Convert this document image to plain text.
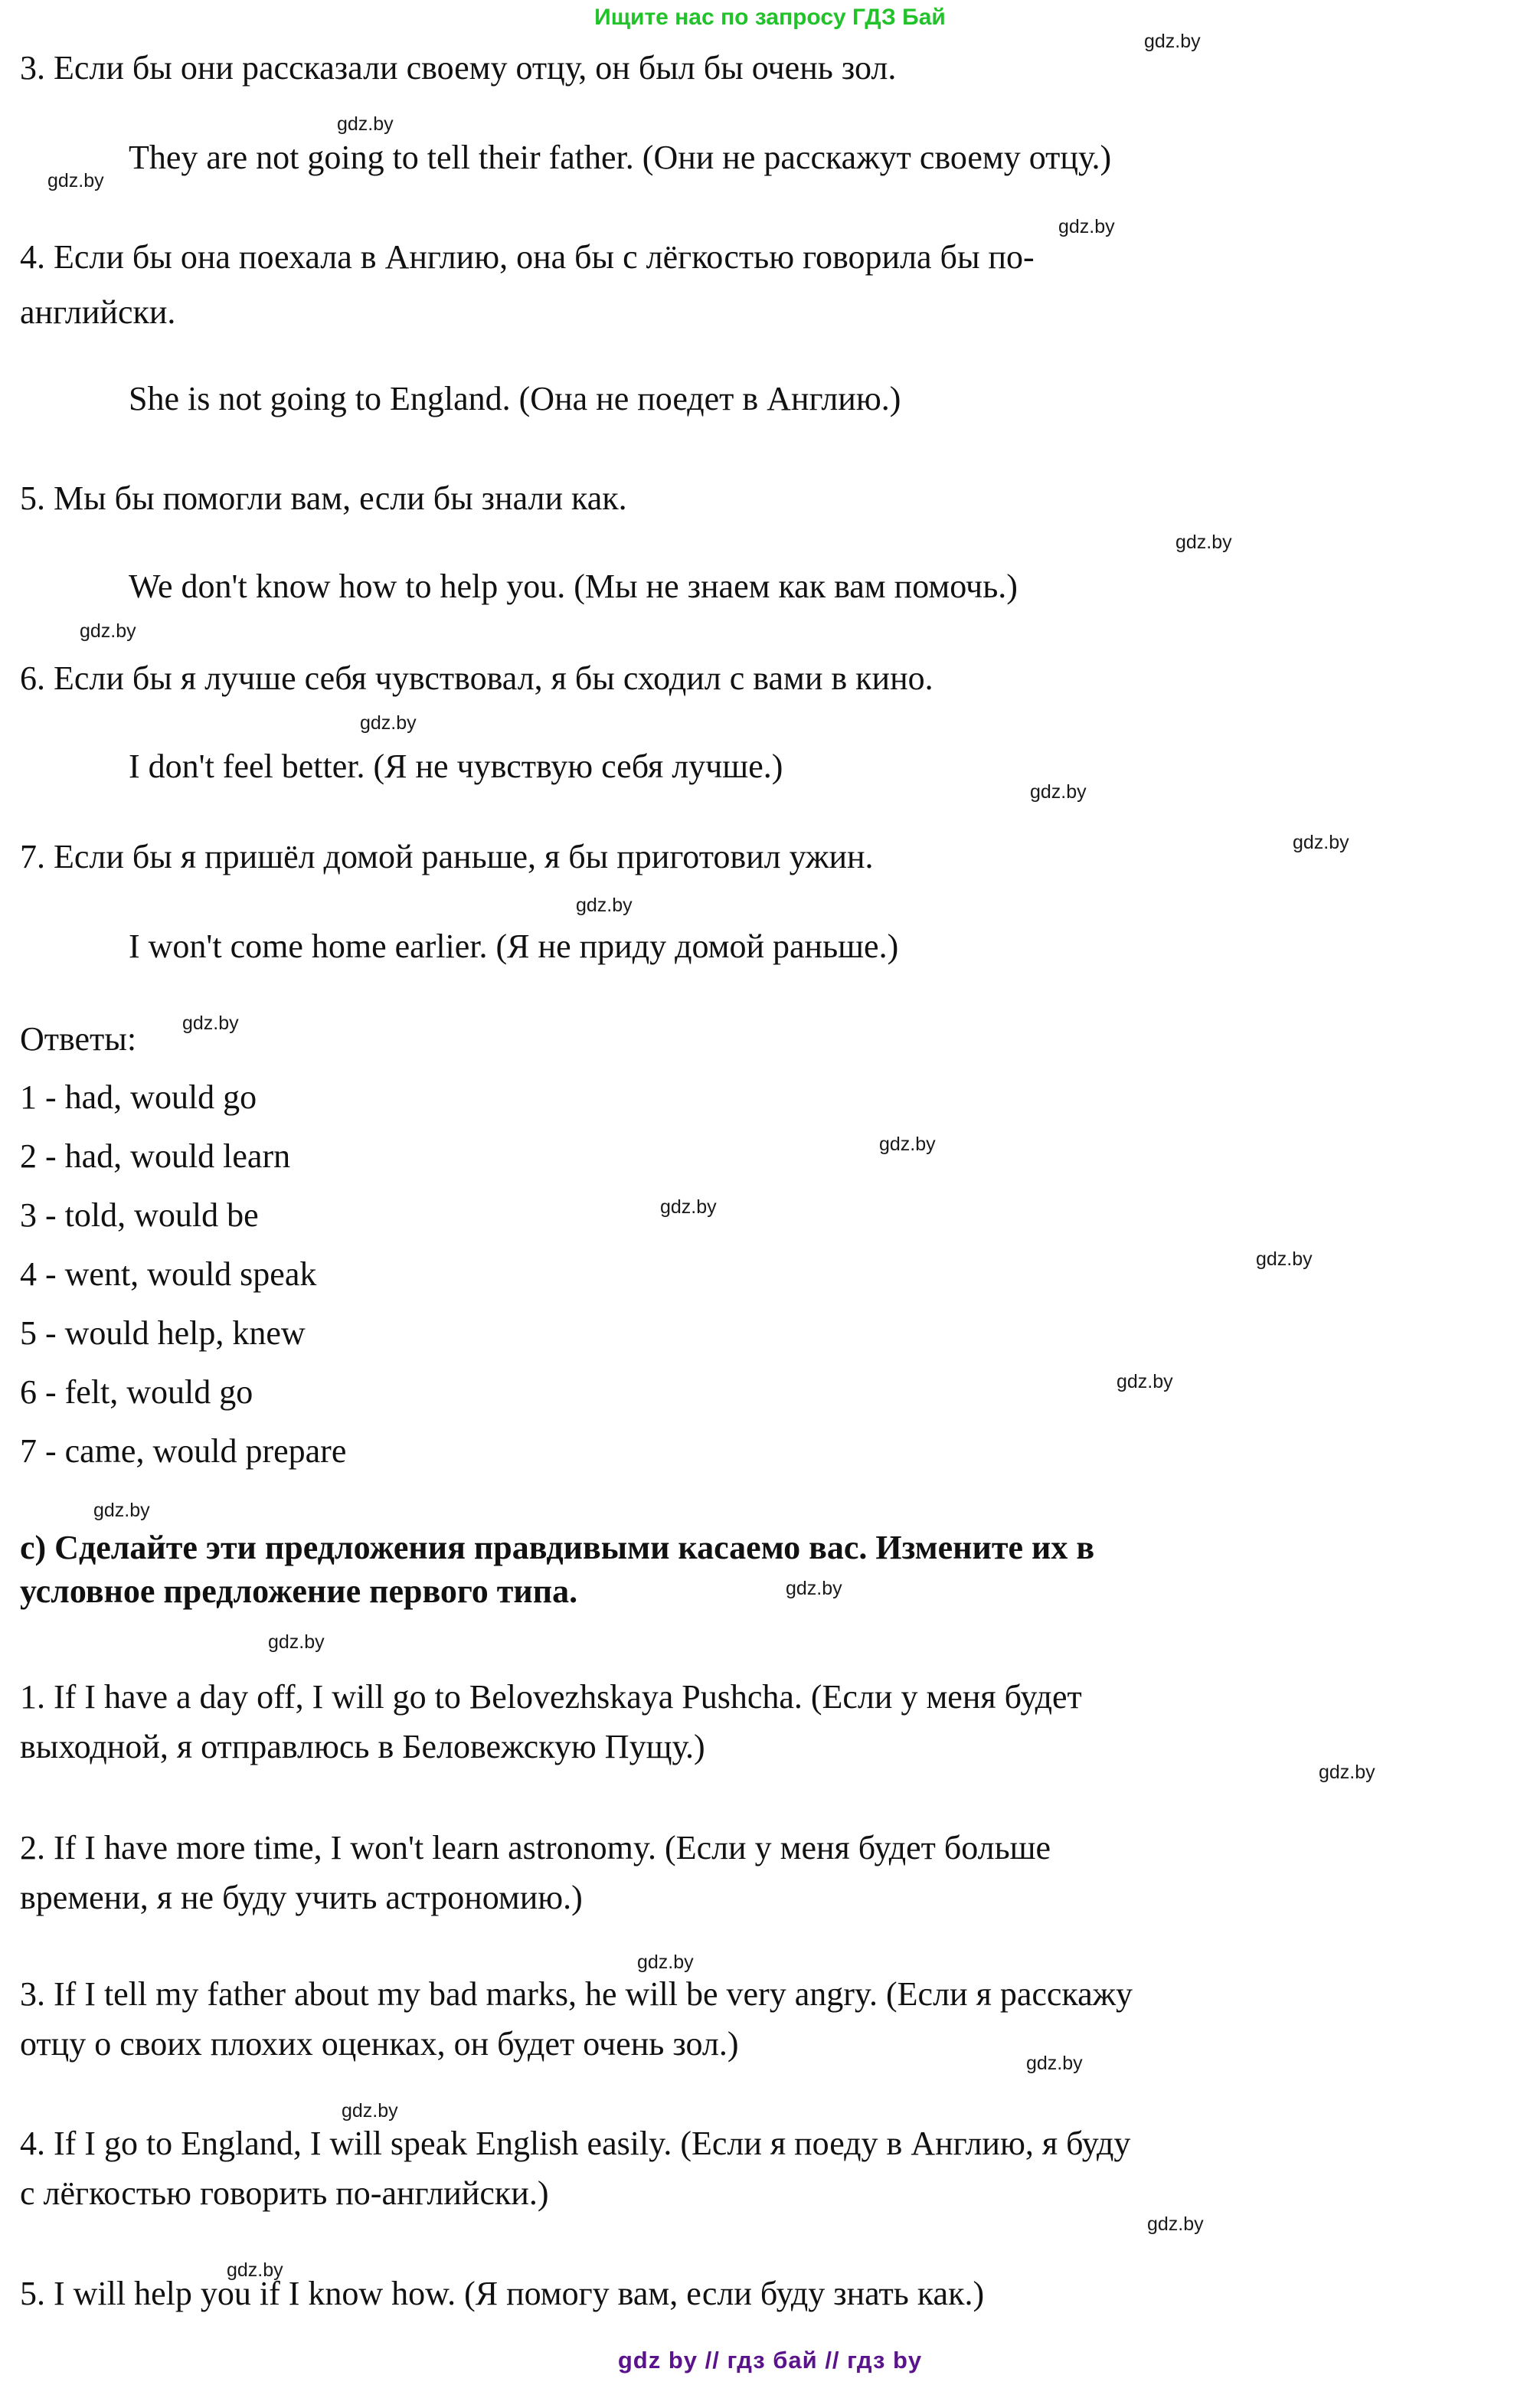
Ищите нас по запросу ГДЗ Бай
3. Если бы они рассказали своему отцу, он был бы очень зол.
They are not going to tell their father. (Они не расскажут своему отцу.)
4. Если бы она поехала в Англию, она бы с лёгкостью говорила бы по-
английски.
She is not going to England. (Она не поедет в Англию.)
5. Мы бы помогли вам, если бы знали как.
We don't know how to help you. (Мы не знаем как вам помочь.)
6. Если бы я лучше себя чувствовал, я бы сходил с вами в кино.
I don't feel better. (Я не чувствую себя лучше.)
7. Если бы я пришёл домой раньше, я бы приготовил ужин.
I won't come home earlier. (Я не приду домой раньше.)
Ответы:
1 - had, would go
2 - had, would learn
3 - told, would be
4 - went, would speak
5 - would help, knew
6 - felt, would go
7 - came, would prepare
c) Сделайте эти предложения правдивыми касаемо вас. Измените их в
условное предложение первого типа.
1. If I have a day off, I will go to Belovezhskaya Pushcha. (Если у меня будет
выходной, я отправлюсь в Беловежскую Пущу.)
2. If I have more time, I won't learn astronomy. (Если у меня будет больше
времени, я не буду учить астрономию.)
3. If I tell my father about my bad marks, he will be very angry. (Если я расскажу
отцу о своих плохих оценках, он будет очень зол.)
4. If I go to England, I will speak English easily. (Если я поеду в Англию, я буду
с лёгкостью говорить по-английски.)
5. I will help you if I know how. (Я помогу вам, если буду знать как.)
gdz.by
gdz.by
gdz.by
gdz.by
gdz.by
gdz.by
gdz.by
gdz.by
gdz.by
gdz.by
gdz.by
gdz.by
gdz.by
gdz.by
gdz.by
gdz.by
gdz.by
gdz.by
gdz.by
gdz.by
gdz.by
gdz.by
gdz.by
gdz.by
gdz by // гдз бай // гдз by
